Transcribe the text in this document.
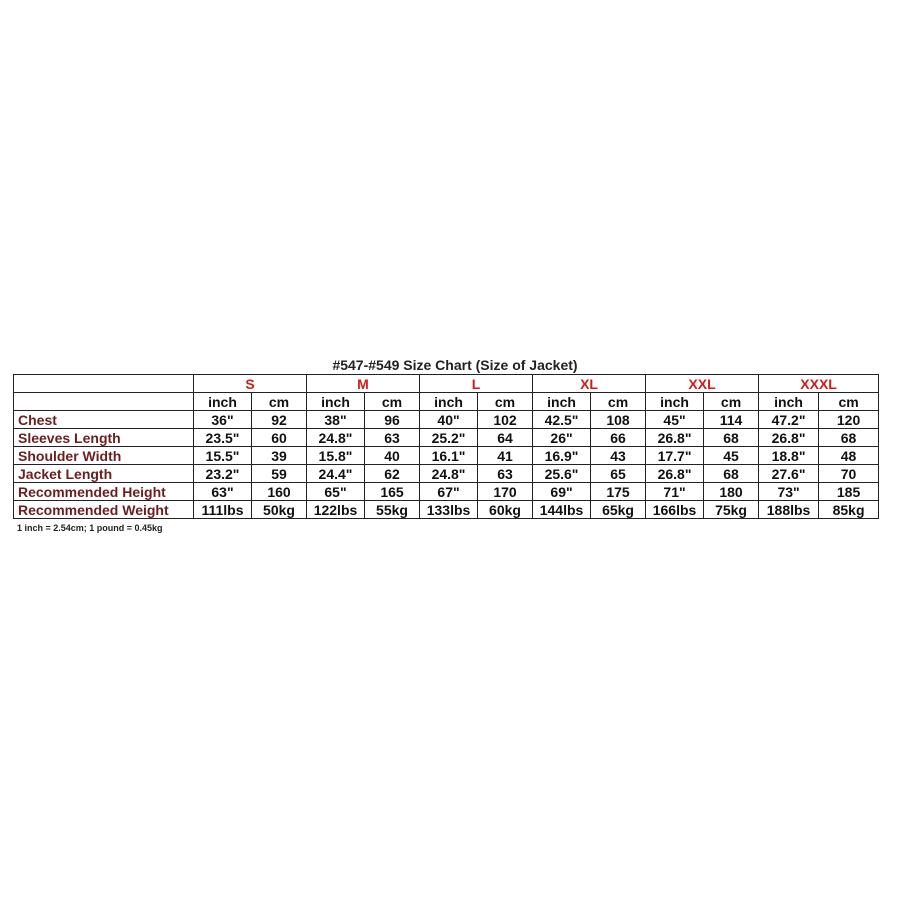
#547-#549 Size Chart (Size of Jacket)
	S		M		L		XL		XXL		XXXL	
	inch	cm	inch	cm	inch	cm	inch	cm	inch	cm	inch	cm
Chest	36"	92	38"	96	40"	102	42.5"	108	45"	114	47.2"	120
Sleeves Length	23.5"	60	24.8"	63	25.2"	64	26"	66	26.8"	68	26.8"	68
Shoulder Width	15.5"	39	15.8"	40	16.1"	41	16.9"	43	17.7"	45	18.8"	48
Jacket Length	23.2"	59	24.4"	62	24.8"	63	25.6"	65	26.8"	68	27.6"	70
Recommended Height	63"	160	65"	165	67"	170	69"	175	71"	180	73"	185
Recommended Weight	111lbs	50kg	122lbs	55kg	133lbs	60kg	144lbs	65kg	166lbs	75kg	188lbs	85kg
1 inch = 2.54cm; 1 pound = 0.45kg
